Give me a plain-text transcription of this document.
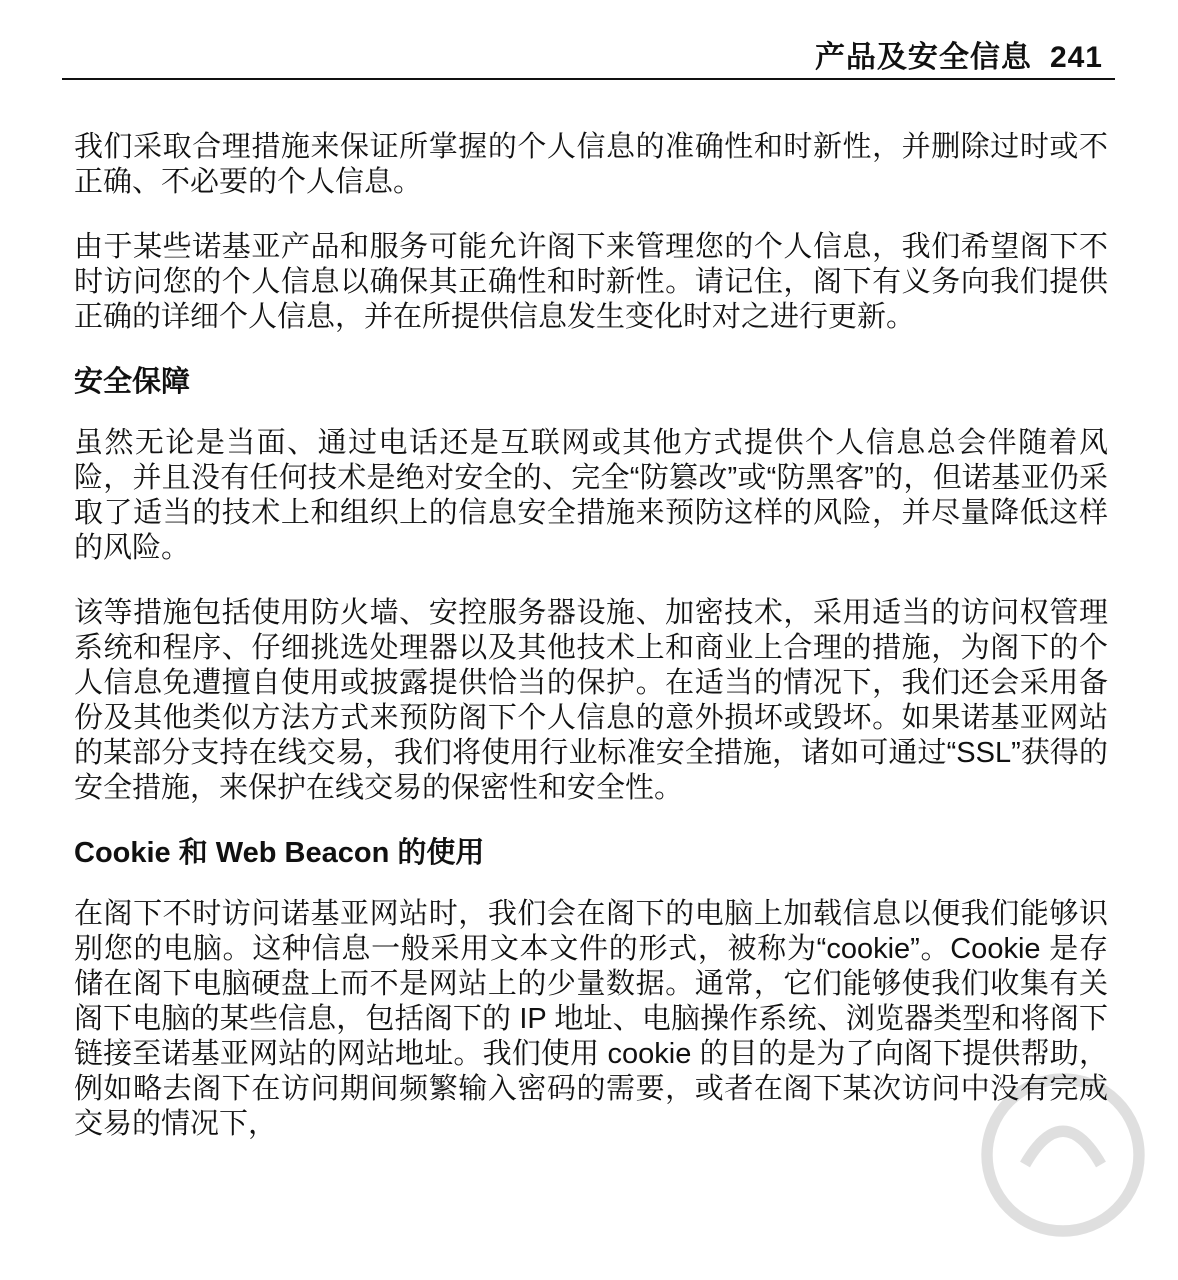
产品及安全信息 241

我们采取合理措施来保证所掌握的个人信息的准确性和时新性，并删除过时或不正确、不必要的个人信息。

由于某些诺基亚产品和服务可能允许阁下来管理您的个人信息，我们希望阁下不时访问您的个人信息以确保其正确性和时新性。请记住，阁下有义务向我们提供正确的详细个人信息，并在所提供信息发生变化时对之进行更新。

安全保障

虽然无论是当面、通过电话还是互联网或其他方式提供个人信息总会伴随着风险，并且没有任何技术是绝对安全的、完全“防篡改”或“防黑客”的，但诺基亚仍采取了适当的技术上和组织上的信息安全措施来预防这样的风险，并尽量降低这样的风险。

该等措施包括使用防火墙、安控服务器设施、加密技术，采用适当的访问权管理系统和程序、仔细挑选处理器以及其他技术上和商业上合理的措施，为阁下的个人信息免遭擅自使用或披露提供恰当的保护。在适当的情况下，我们还会采用备份及其他类似方法方式来预防阁下个人信息的意外损坏或毁坏。如果诺基亚网站的某部分支持在线交易，我们将使用行业标准安全措施，诸如可通过“SSL”获得的安全措施，来保护在线交易的保密性和安全性。

Cookie 和 Web Beacon 的使用

在阁下不时访问诺基亚网站时，我们会在阁下的电脑上加载信息以便我们能够识别您的电脑。这种信息一般采用文本文件的形式，被称为“cookie”。Cookie 是存储在阁下电脑硬盘上而不是网站上的少量数据。通常，它们能够使我们收集有关阁下电脑的某些信息，包括阁下的 IP 地址、电脑操作系统、浏览器类型和将阁下链接至诺基亚网站的网站地址。我们使用 cookie 的目的是为了向阁下提供帮助，例如略去阁下在访问期间频繁输入密码的需要，或者在阁下某次访问中没有完成交易的情况下，
